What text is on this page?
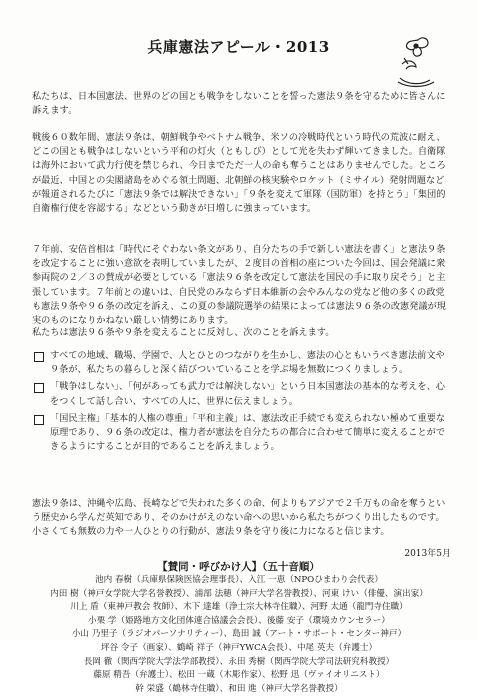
兵庫憲法アピール・2013

私たちは、日本国憲法、世界のどの国とも戦争をしないことを誓った憲法９条を守るために皆さんに訴えます。

戦後６０数年間、憲法９条は、朝鮮戦争やベトナム戦争、米ソの冷戦時代という時代の荒波に耐え、どこの国とも戦争はしないという平和の灯火（ともしび）として光を失わず輝いてきました。自衛隊は海外において武力行使を禁じられ、今日までただ一人の命も奪うことはありませんでした。ところが最近、中国との尖閣諸島をめぐる領土問題、北朝鮮の核実験やロケット（ミサイル）発射問題などが報道されるたびに「憲法９条では解決できない」「９条を変えて軍隊（国防軍）を持とう」「集団的自衛権行使を容認する」などという動きが日増しに強まっています。

７年前、安倍首相は「時代にそぐわない条文があり、自分たちの手で新しい憲法を書く」と憲法９条を改定することに強い意欲を表明していましたが、２度目の首相の座についた今回は、国会発議に衆参両院の２／３の賛成が必要としている「憲法９６条を改定して憲法を国民の手に取り戻そう」と主張しています。７年前との違いは、自民党のみならず日本維新の会やみんなの党など他の多くの政党も憲法９条や９６条の改定を訴え、この夏の参議院選挙の結果によっては憲法９６条の改憲発議が現実のものになりかねない厳しい情勢にあります。

私たちは憲法９６条や９条を変えることに反対し、次のことを訴えます。

すべての地域、職場、学園で、人とひとのつながりを生かし、憲法の心ともいうべき憲法前文や９条が、私たちの暮らしと深く結びついていることを学ぶ場を無数につくりましょう。
「戦争はしない」、「何があっても武力では解決しない」という日本国憲法の基本的な考えを、心をつくして話し合い、すべての人に、世界に伝えましょう。
「国民主権」「基本的人権の尊重」「平和主義」は、憲法改正手続でも変えられない極めて重要な原理であり、９６条の改定は、権力者が憲法を自分たちの都合に合わせて簡単に変えることができるようにすることが目的であることを訴えましょう。

憲法９条は、沖縄や広島、長崎などで失われた多くの命、何よりもアジアで２千万もの命を奪うという歴史から学んだ英知であり、そのかけがえのない命への思いから私たちがつくり出したものです。小さくても無数の力や一人ひとりの行動が、憲法９条を守り後に力になると信じます。

2013年5月
【賛同・呼びかけ人】（五十音順）
池内 春樹（兵庫県保険医協会理事長）、入江 一恵（NPOひまわり会代表）
内田 樹（神戸女学院大学名誉教授）、浦部 法穂（神戸大学名誉教授）、河東 けい（俳優、演出家）
川上 盾（東神戸教会 牧師）、木下 達雄（浄土宗大林寺住職）、河野 太通（龍門寺住職）
小栗 学（姫路地方文化団体連合協議会会長）、後藤 安子（環境カウンセラー）
小山 乃里子（ラジオパーソナリティー）、島田 誠（アート・サポート・センター神戸）
坪谷 令子（画家）、鶴崎 祥子（神戸YWCA会長）、中尾 英夫（弁護士）
長岡 徹（関西学院大学法学部教授）、永田 秀樹（関西学院大学司法研究科教授）
藤原 精吾（弁護士）、松田 一蔵（木彫作家）、松野 迅（ヴァイオリニスト）
幹 栄盛（鶴林寺住職）、和田 進（神戸大学名誉教授）
